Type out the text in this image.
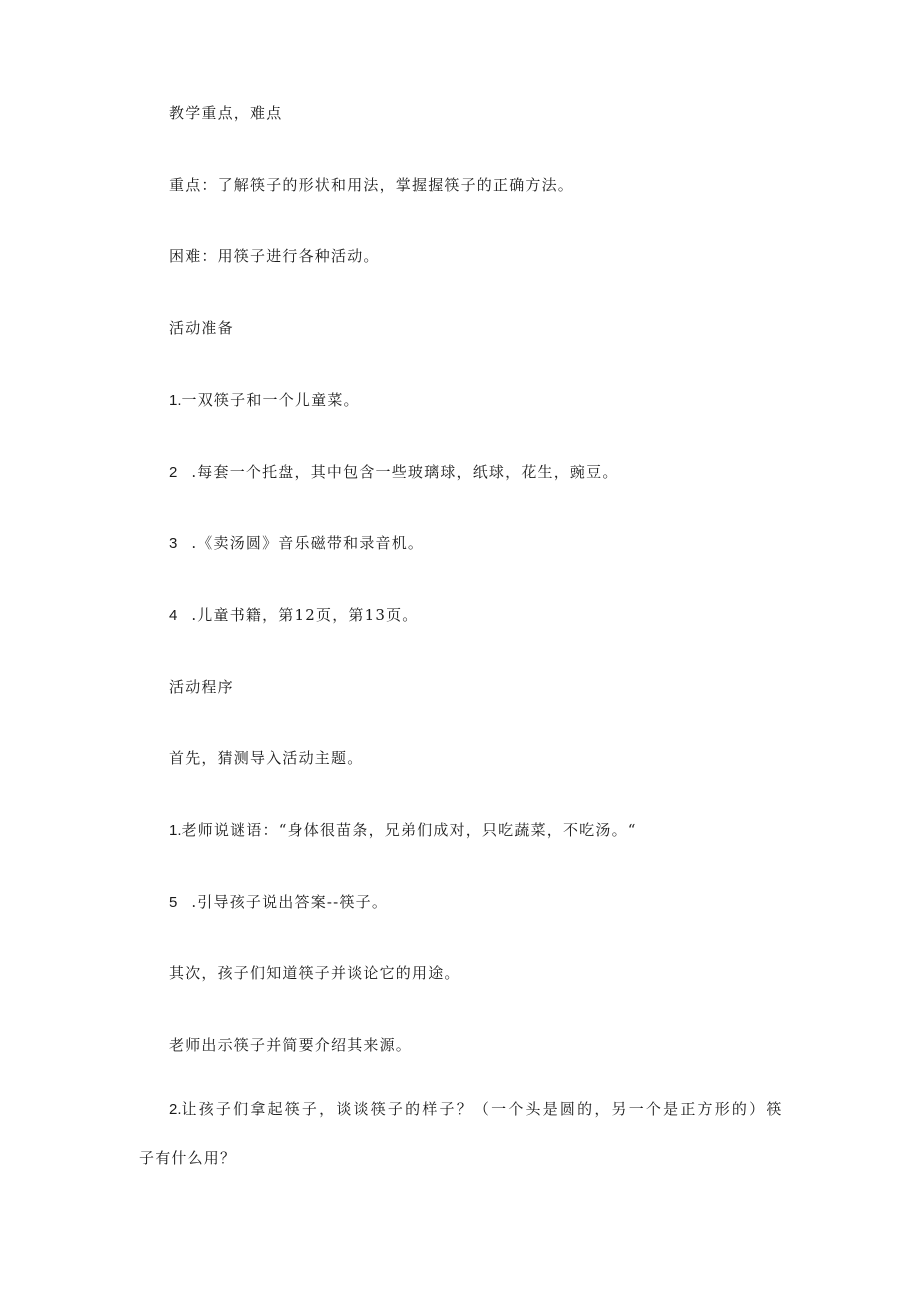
教学重点，难点
重点：了解筷子的形状和用法，掌握握筷子的正确方法。
困难：用筷子进行各种活动。
活动准备
1.一双筷子和一个儿童菜。
2 .每套一个托盘，其中包含一些玻璃球，纸球，花生，豌豆。
3 .《卖汤圆》音乐磁带和录音机。
4 .儿童书籍，第12页，第13页。
活动程序
首先，猜测导入活动主题。
1.老师说谜语：“身体很苗条，兄弟们成对，只吃蔬菜，不吃汤。“
5 .引导孩子说出答案--筷子。
其次，孩子们知道筷子并谈论它的用途。
老师出示筷子并简要介绍其来源。
2.让孩子们拿起筷子，谈谈筷子的样子？（一个头是圆的，另一个是正方形的）筷
子有什么用？
